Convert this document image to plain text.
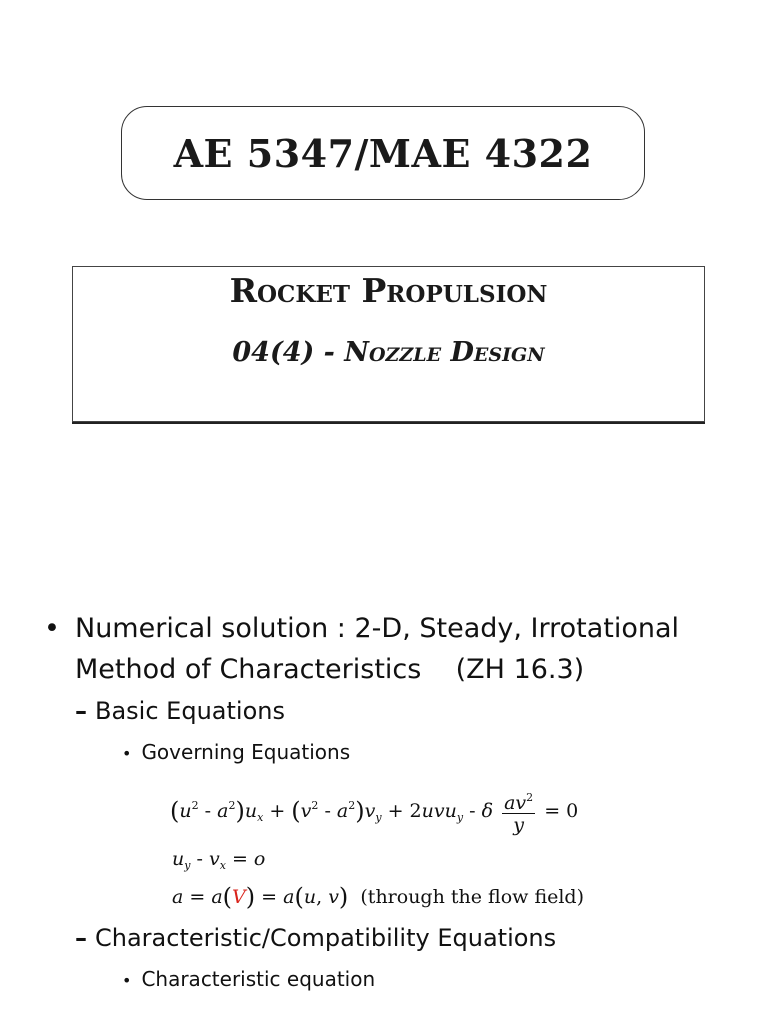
AE 5347/MAE 4322
Rocket Propulsion
04(4) - Nozzle Design
• Numerical solution : 2-D, Steady, Irrotational
Method of Characteristics    (ZH 16.3)
– Basic Equations
• Governing Equations
$(u^2 - a^2)u_x + (v^2 - a^2)v_y + 2uvu_y - \delta \frac{av^2}{y} = 0$
$u_y - v_x = o$
a = a(V) = a(u, v) (through the flow field)
– Characteristic/Compatibility Equations
• Characteristic equation
